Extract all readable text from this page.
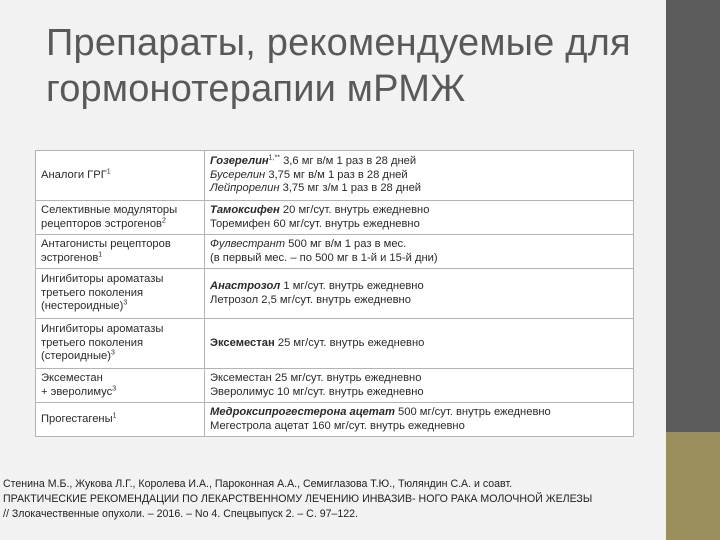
Препараты, рекомендуемые для
гормонотерапии мРМЖ
Аналоги ГРГ$^1$	Гозерелин$^{1,**}$ 3,6 мг в/м 1 раз в 28 дней
Бусерелин 3,75 мг в/м 1 раз в 28 дней
Лейпрорелин 3,75 мг з/м 1 раз в 28 дней

Селективные модуляторы
рецепторов эстрогенов$^2$	Тамоксифен 20 мг/сут. внутрь ежедневно
Торемифен 60 мг/сут. внутрь ежедневно

Антагонисты рецепторов
эстрогенов$^1$	Фулвестрант 500 мг в/м 1 раз в мес.
(в первый мес. – по 500 мг в 1-й и 15-й дни)

Ингибиторы ароматазы
третьего поколения
(нестероидные)$^3$	Анастрозол 1 мг/сут. внутрь ежедневно
Летрозол 2,5 мг/сут. внутрь ежедневно

Ингибиторы ароматазы
третьего поколения
(стероидные)$^3$	Эксеместан 25 мг/сут. внутрь ежедневно

Эксеместан
+ эверолимус$^3$	Эксеместан 25 мг/сут. внутрь ежедневно
Эверолимус 10 мг/сут. внутрь ежедневно

Прогестагены$^1$	Медроксипрогестерона ацетат 500 мг/сут. внутрь ежедневно
Мегестрола ацетат 160 мг/сут. внутрь ежедневно
Стенина М.Б., Жукова Л.Г., Королева И.А., Пароконная А.А., Семиглазова Т.Ю., Тюляндин С.А. и соавт.
ПРАКТИЧЕСКИЕ РЕКОМЕНДАЦИИ ПО ЛЕКАРСТВЕННОМУ ЛЕЧЕНИЮ ИНВАЗИВ- НОГО РАКА МОЛОЧНОЙ ЖЕЛЕЗЫ
// Злокачественные опухоли. – 2016. – No 4. Спецвыпуск 2. – С. 97–122.
